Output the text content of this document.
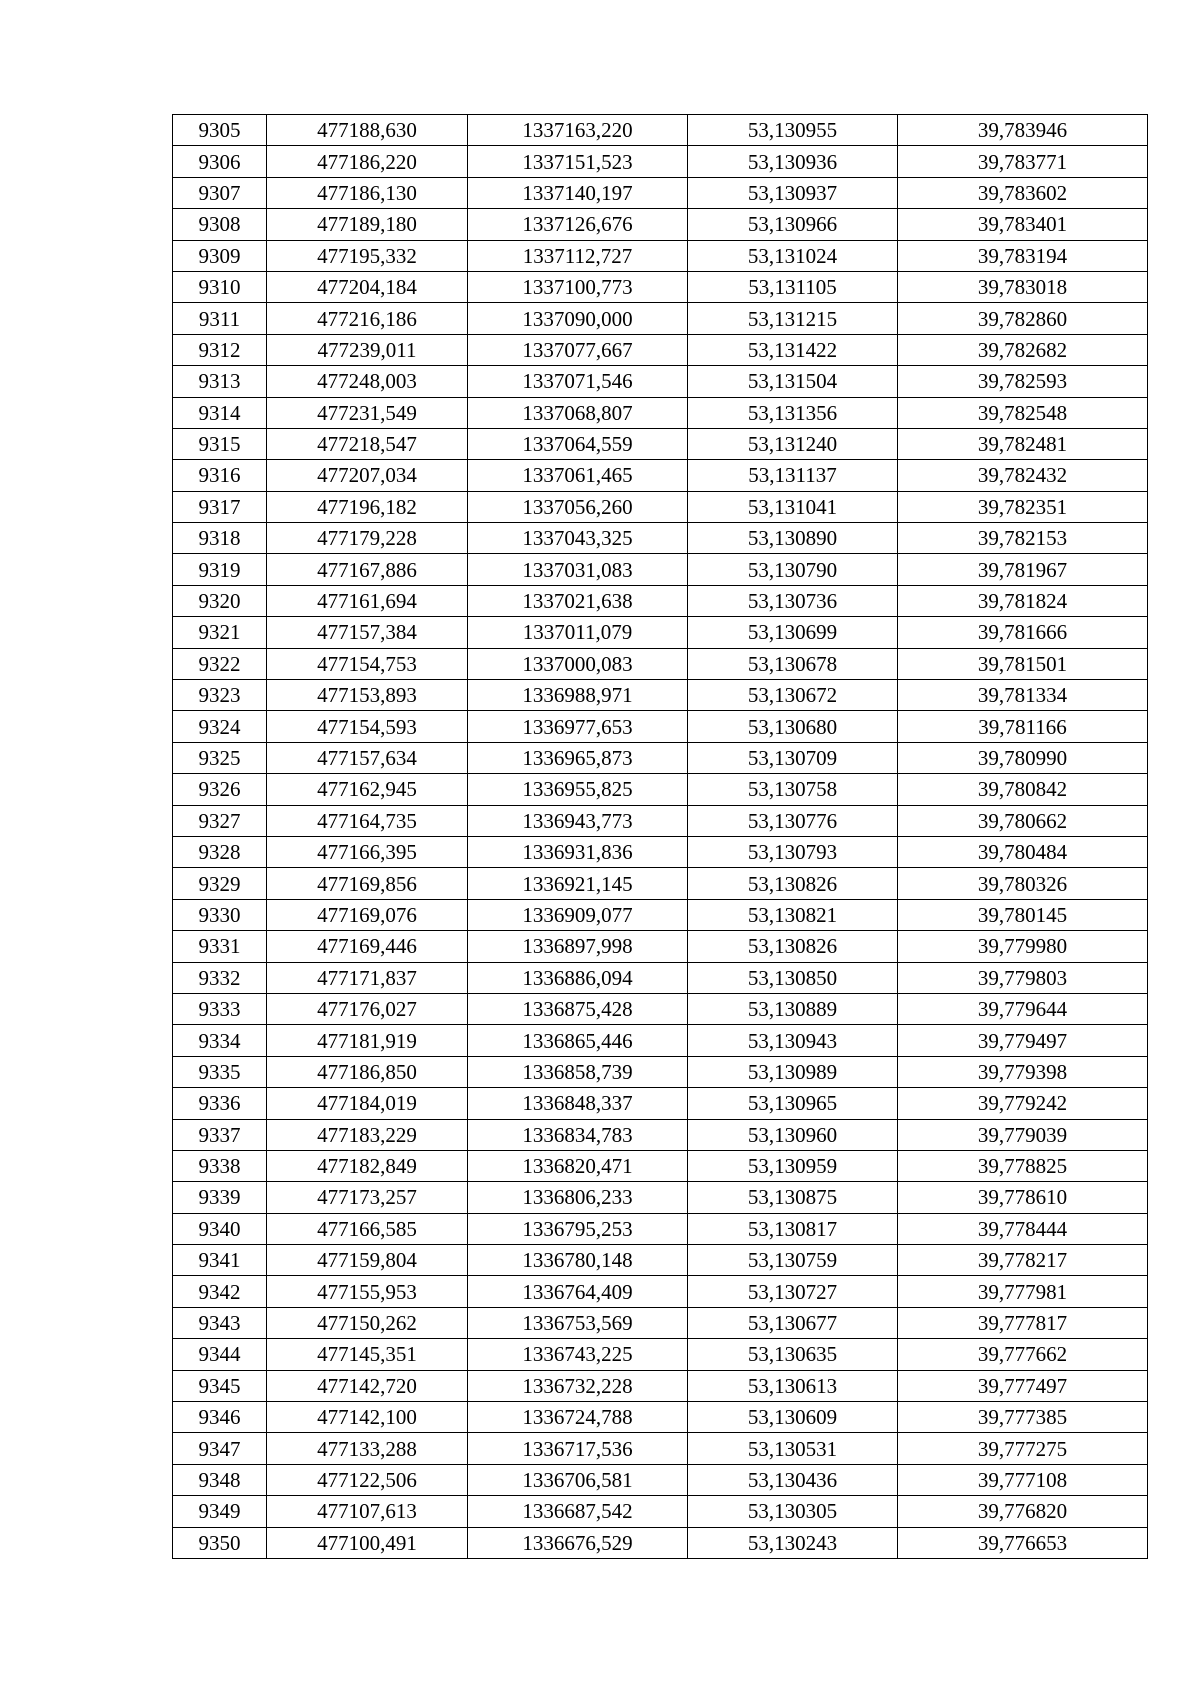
9305	477188,630	1337163,220	53,130955	39,783946
9306	477186,220	1337151,523	53,130936	39,783771
9307	477186,130	1337140,197	53,130937	39,783602
9308	477189,180	1337126,676	53,130966	39,783401
9309	477195,332	1337112,727	53,131024	39,783194
9310	477204,184	1337100,773	53,131105	39,783018
9311	477216,186	1337090,000	53,131215	39,782860
9312	477239,011	1337077,667	53,131422	39,782682
9313	477248,003	1337071,546	53,131504	39,782593
9314	477231,549	1337068,807	53,131356	39,782548
9315	477218,547	1337064,559	53,131240	39,782481
9316	477207,034	1337061,465	53,131137	39,782432
9317	477196,182	1337056,260	53,131041	39,782351
9318	477179,228	1337043,325	53,130890	39,782153
9319	477167,886	1337031,083	53,130790	39,781967
9320	477161,694	1337021,638	53,130736	39,781824
9321	477157,384	1337011,079	53,130699	39,781666
9322	477154,753	1337000,083	53,130678	39,781501
9323	477153,893	1336988,971	53,130672	39,781334
9324	477154,593	1336977,653	53,130680	39,781166
9325	477157,634	1336965,873	53,130709	39,780990
9326	477162,945	1336955,825	53,130758	39,780842
9327	477164,735	1336943,773	53,130776	39,780662
9328	477166,395	1336931,836	53,130793	39,780484
9329	477169,856	1336921,145	53,130826	39,780326
9330	477169,076	1336909,077	53,130821	39,780145
9331	477169,446	1336897,998	53,130826	39,779980
9332	477171,837	1336886,094	53,130850	39,779803
9333	477176,027	1336875,428	53,130889	39,779644
9334	477181,919	1336865,446	53,130943	39,779497
9335	477186,850	1336858,739	53,130989	39,779398
9336	477184,019	1336848,337	53,130965	39,779242
9337	477183,229	1336834,783	53,130960	39,779039
9338	477182,849	1336820,471	53,130959	39,778825
9339	477173,257	1336806,233	53,130875	39,778610
9340	477166,585	1336795,253	53,130817	39,778444
9341	477159,804	1336780,148	53,130759	39,778217
9342	477155,953	1336764,409	53,130727	39,777981
9343	477150,262	1336753,569	53,130677	39,777817
9344	477145,351	1336743,225	53,130635	39,777662
9345	477142,720	1336732,228	53,130613	39,777497
9346	477142,100	1336724,788	53,130609	39,777385
9347	477133,288	1336717,536	53,130531	39,777275
9348	477122,506	1336706,581	53,130436	39,777108
9349	477107,613	1336687,542	53,130305	39,776820
9350	477100,491	1336676,529	53,130243	39,776653
